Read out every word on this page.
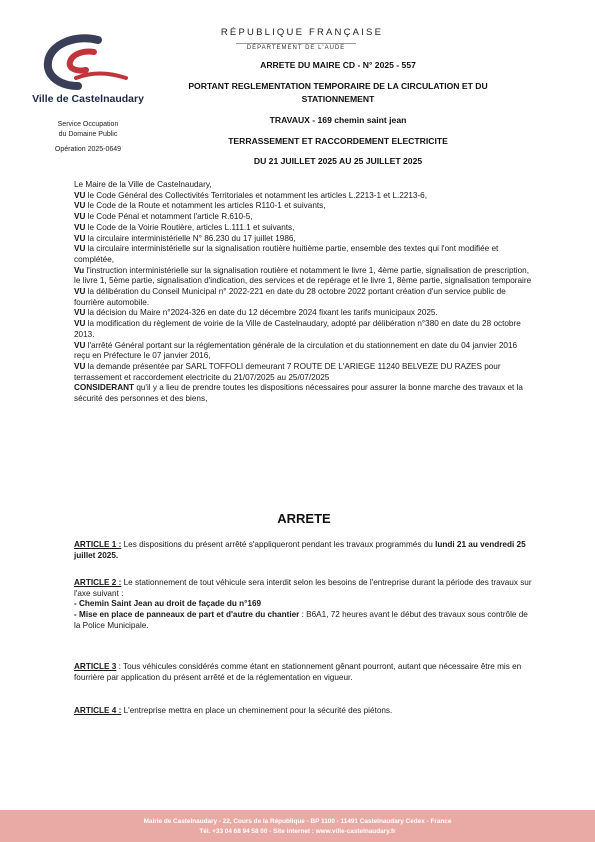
Ville de Castelnaudary
Service Occupation
du Domaine Public
Opération 2025-0649
RÉPUBLIQUE FRANÇAISE
DÉPARTEMENT DE L'AUDE
ARRETE DU MAIRE CD - N° 2025 - 557
PORTANT REGLEMENTATION TEMPORAIRE DE LA CIRCULATION ET DU STATIONNEMENT
TRAVAUX - 169 chemin saint jean
TERRASSEMENT ET RACCORDEMENT ELECTRICITE
DU 21 JUILLET 2025 AU 25 JUILLET 2025

Le Maire de la Ville de Castelnaudary,

VU le Code Général des Collectivités Territoriales et notamment les articles L.2213-1 et L.2213-6,

VU le Code de la Route et notamment les articles R110-1 et suivants,

VU le Code Pénal et notamment l'article R.610-5,

VU le Code de la Voirie Routière, articles L.111.1 et suivants,

VU la circulaire interministérielle N° 86.230 du 17 juillet 1986,

VU la circulaire interministérielle sur la signalisation routière huitième partie, ensemble des textes qui l'ont modifiée et complétée,

Vu l'instruction interministérielle sur la signalisation routière et notamment le livre 1, 4ème partie, signalisation de prescription, le livre 1, 5ème partie, signalisation d'indication, des services et de repérage et le livre 1, 8ème partie, signalisation temporaire

VU la délibération du Conseil Municipal n° 2022-221 en date du 28 octobre 2022 portant création d'un service public de fourrière automobile.

VU la décision du Maire n°2024-326 en date du 12 décembre 2024 fixant les tarifs municipaux 2025.

VU la modification du règlement de voirie de la Ville de Castelnaudary, adopté par délibération n°380 en date du 28 octobre 2013.

VU l'arrêté Général portant sur la réglementation générale de la circulation et du stationnement en date du 04 janvier 2016 reçu en Préfecture le 07 janvier 2016,

VU la demande présentée par SARL TOFFOLI demeurant 7 ROUTE DE L'ARIEGE 11240 BELVEZE DU RAZES pour terrassement et raccordement electricite du 21/07/2025 au 25/07/2025

CONSIDERANT qu'il y a lieu de prendre toutes les dispositions nécessaires pour assurer la bonne marche des travaux et la sécurité des personnes et des biens,

ARRETE

ARTICLE 1 : Les dispositions du présent arrêté s'appliqueront pendant les travaux programmés du lundi 21 au vendredi 25 juillet 2025.

ARTICLE 2 : Le stationnement de tout véhicule sera interdit selon les besoins de l'entreprise durant la période des travaux sur l'axe suivant :

- Chemin Saint Jean au droit de façade du n°169

- Mise en place de panneaux de part et d'autre du chantier : B6A1, 72 heures avant le début des travaux sous contrôle de la Police Municipale.

ARTICLE 3 : Tous véhicules considérés comme étant en stationnement gênant pourront, autant que nécessaire être mis en fourrière par application du présent arrêté et de la réglementation en vigueur.

ARTICLE 4 : L'entreprise mettra en place un cheminement pour la sécurité des piétons.

Mairie de Castelnaudary - 22, Cours de la République - BP 1100 - 11491 Castelnaudary Cedex - France
Tél. +33 04 68 94 58 00 - Site internet : www.ville-castelnaudary.fr
